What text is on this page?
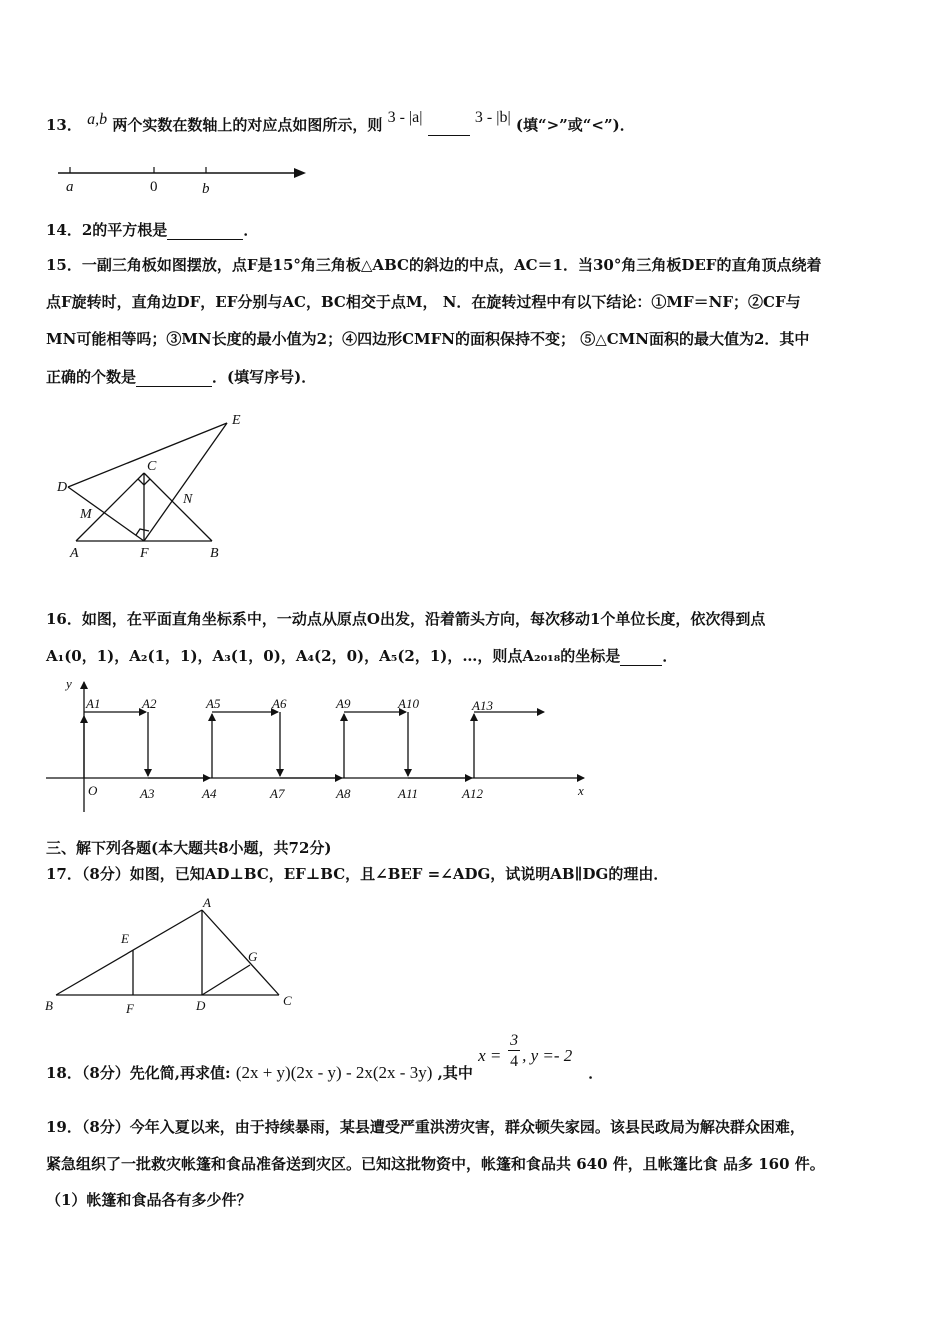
13． a,b 两个实数在数轴上的对应点如图所示，则 3 - |a|	3 - |b| (填“>”或“<”)．
a	0	b
14．2的平方根是	．
15．一副三角板如图摆放，点F是15°角三角板△ABC的斜边的中点，AC＝1．当30°角三角板DEF的直角顶点绕着
点F旋转时，直角边DF，EF分别与AC，BC相交于点M， N．在旋转过程中有以下结论：①MF＝NF；②CF与
MN可能相等吗；③MN长度的最小值为2；④四边形CMFN的面积保持不变； ⑤△CMN面积的最大值为2．其中
正确的个数是	．(填写序号)．
E
C
D
N
M
A	F	B
16．如图，在平面直角坐标系中，一动点从原点O出发，沿着箭头方向，每次移动1个单位长度，依次得到点
A₁(0，1)，A₂(1，1)，A₃(1，0)，A₄(2，0)，A₅(2，1)，…，则点A₂₀₁₈的坐标是	．
y
x
O
A1	A2
A3	A4
A5	A6
A7	A8
A9	A10
A11	A12
A13
三、解下列各题(本大题共8小题，共72分)
17．（8分）如图，已知AD⊥BC，EF⊥BC，且∠BEF =∠ADG，试说明AB∥DG的理由．
A
E
G
B	F	D	C
18．（8分）先化简,再求值: (2x + y)(2x - y) - 2x(2x - 3y) ,其中
x =
3
4 , y =- 2
．
19．（8分）今年入夏以来，由于持续暴雨，某县遭受严重洪涝灾害，群众顿失家园。该县民政局为解决群众困难，
紧急组织了一批救灾帐篷和食品准备送到灾区。已知这批物资中，帐篷和食品共 640 件，且帐篷比食 品多 160 件。
（1）帐篷和食品各有多少件？
